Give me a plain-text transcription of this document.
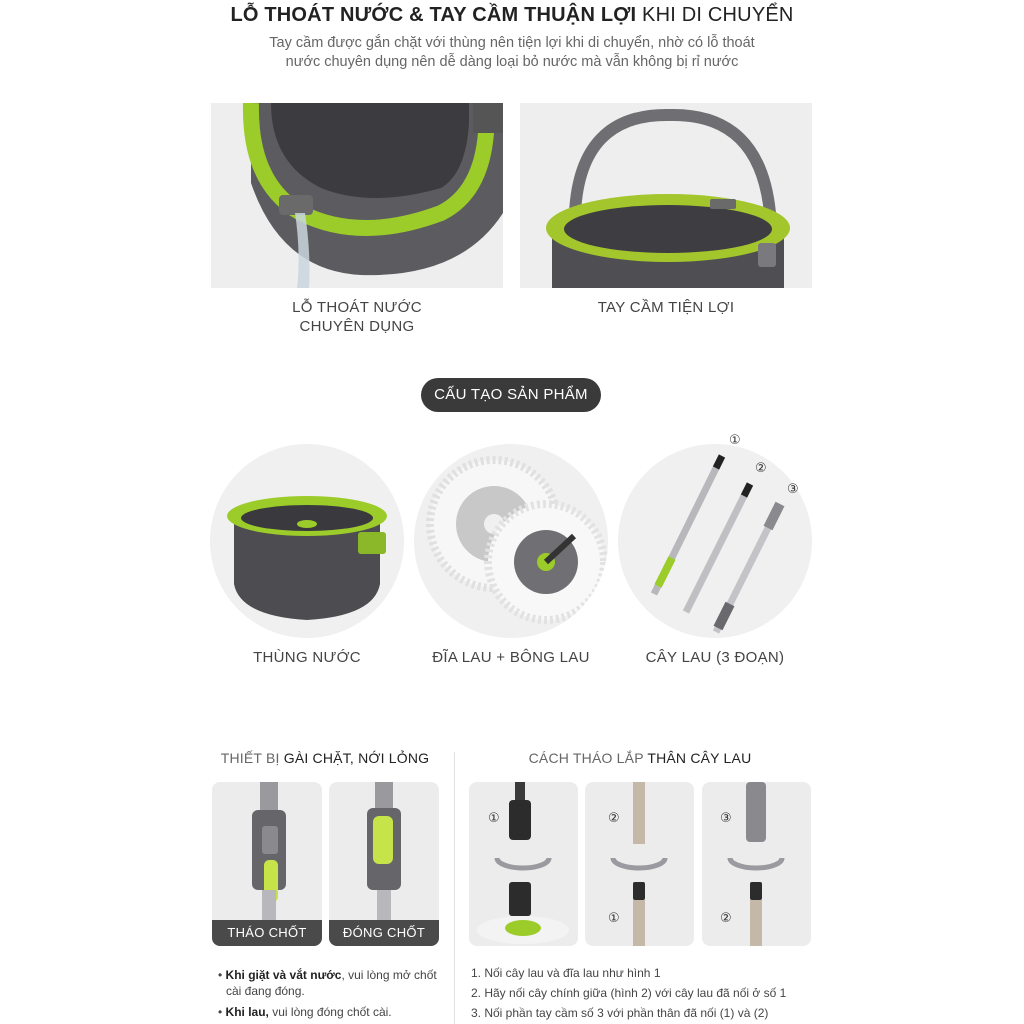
LỖ THOÁT NƯỚC & TAY CẦM THUẬN LỢI KHI DI CHUYỂN
Tay cầm được gắn chặt với thùng nên tiện lợi khi di chuyển, nhờ có lỗ thoát
nước chuyên dụng nên dễ dàng loại bỏ nước mà vẫn không bị rỉ nước
LỖ THOÁT NƯỚC
CHUYÊN DỤNG
TAY CẦM TIỆN LỢI
CẤU TẠO SẢN PHẨM
①
②
③
THÙNG NƯỚC	ĐĨA LAU + BÔNG LAU	CÂY LAU (3 ĐOẠN)
THIẾT BỊ GÀI CHẶT, NỚI LỎNG	CÁCH THÁO LẮP THÂN CÂY LAU
THÁO CHỐT	ĐÓNG CHỐT
①	②	③
①	②
• Khi giặt và vắt nước, vui lòng mở chốt
cài đang đóng.
• Khi lau, vui lòng đóng chốt cài.
1. Nối cây lau và đĩa lau như hình 1
2. Hãy nối cây chính giữa (hình 2) với cây lau đã nối ở số 1
3. Nối phần tay cầm số 3 với phần thân đã nối (1) và (2)
